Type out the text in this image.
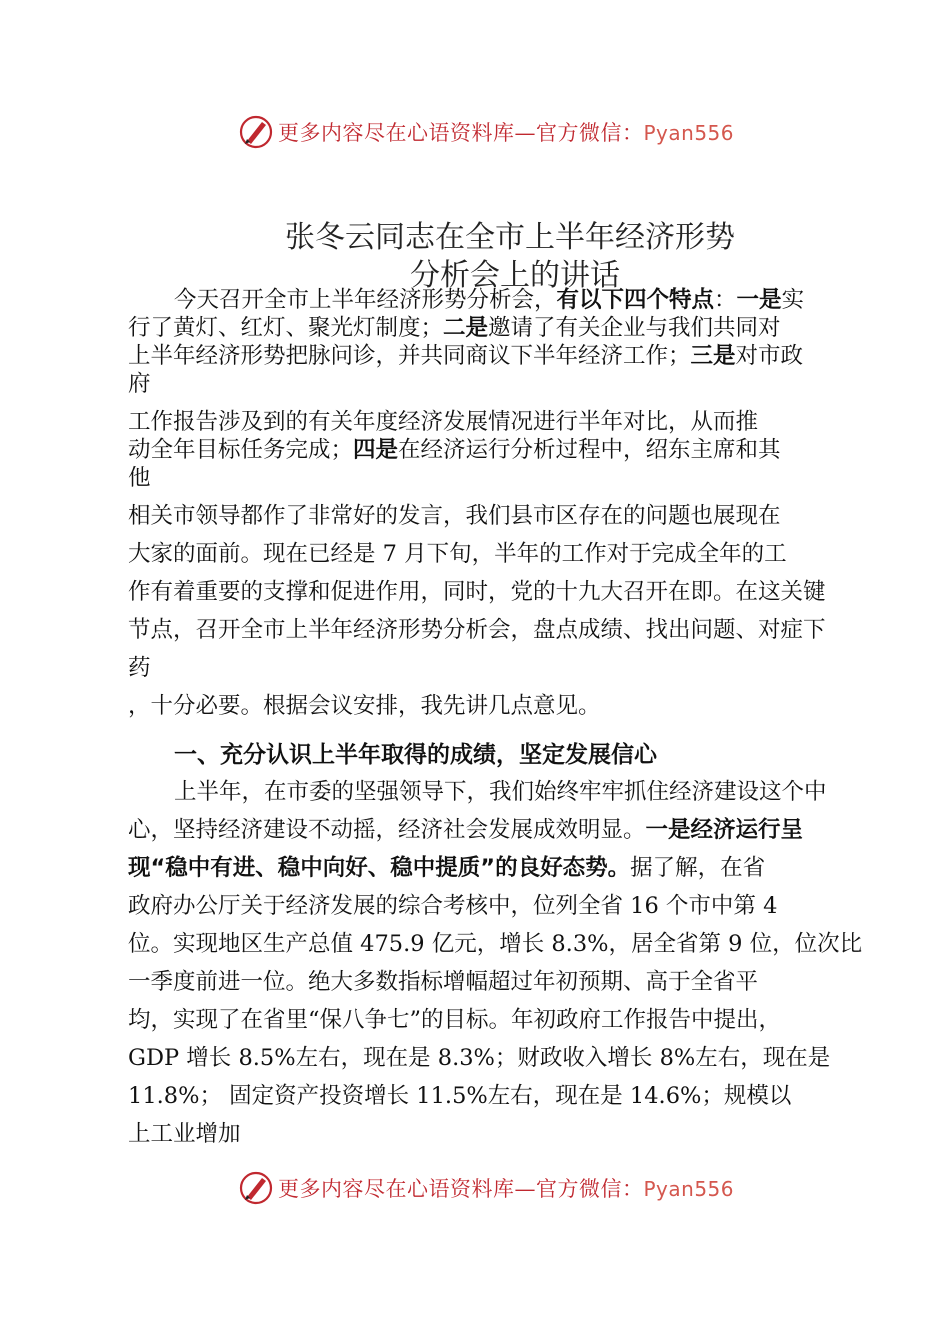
更多内容尽在心语资料库—官方微信：Pyan556
张冬云同志在全市上半年经济形势
分析会上的讲话
今天召开全市上半年经济形势分析会，有以下四个特点：一是实
行了黄灯、红灯、聚光灯制度；二是邀请了有关企业与我们共同对
上半年经济形势把脉问诊，并共同商议下半年经济工作；三是对市政
府
工作报告涉及到的有关年度经济发展情况进行半年对比，从而推
动全年目标任务完成；四是在经济运行分析过程中，绍东主席和其
他
相关市领导都作了非常好的发言，我们县市区存在的问题也展现在
大家的面前。现在已经是 7 月下旬，半年的工作对于完成全年的工
作有着重要的支撑和促进作用，同时，党的十九大召开在即。在这关键
节点，召开全市上半年经济形势分析会，盘点成绩、找出问题、对症下
药
，十分必要。根据会议安排，我先讲几点意见。
一、充分认识上半年取得的成绩，坚定发展信心
上半年，在市委的坚强领导下，我们始终牢牢抓住经济建设这个中
心，坚持经济建设不动摇，经济社会发展成效明显。一是经济运行呈
现“稳中有进、稳中向好、稳中提质”的良好态势。据了解，在省
政府办公厅关于经济发展的综合考核中，位列全省 16 个市中第 4
位。实现地区生产总值 475.9 亿元，增长 8.3%，居全省第 9 位，位次比
一季度前进一位。绝大多数指标增幅超过年初预期、高于全省平
均，实现了在省里“保八争七”的目标。年初政府工作报告中提出，
GDP 增长 8.5%左右，现在是 8.3%；财政收入增长 8%左右，现在是
11.8%； 固定资产投资增长 11.5%左右，现在是 14.6%；规模以
上工业增加
更多内容尽在心语资料库—官方微信：Pyan556
